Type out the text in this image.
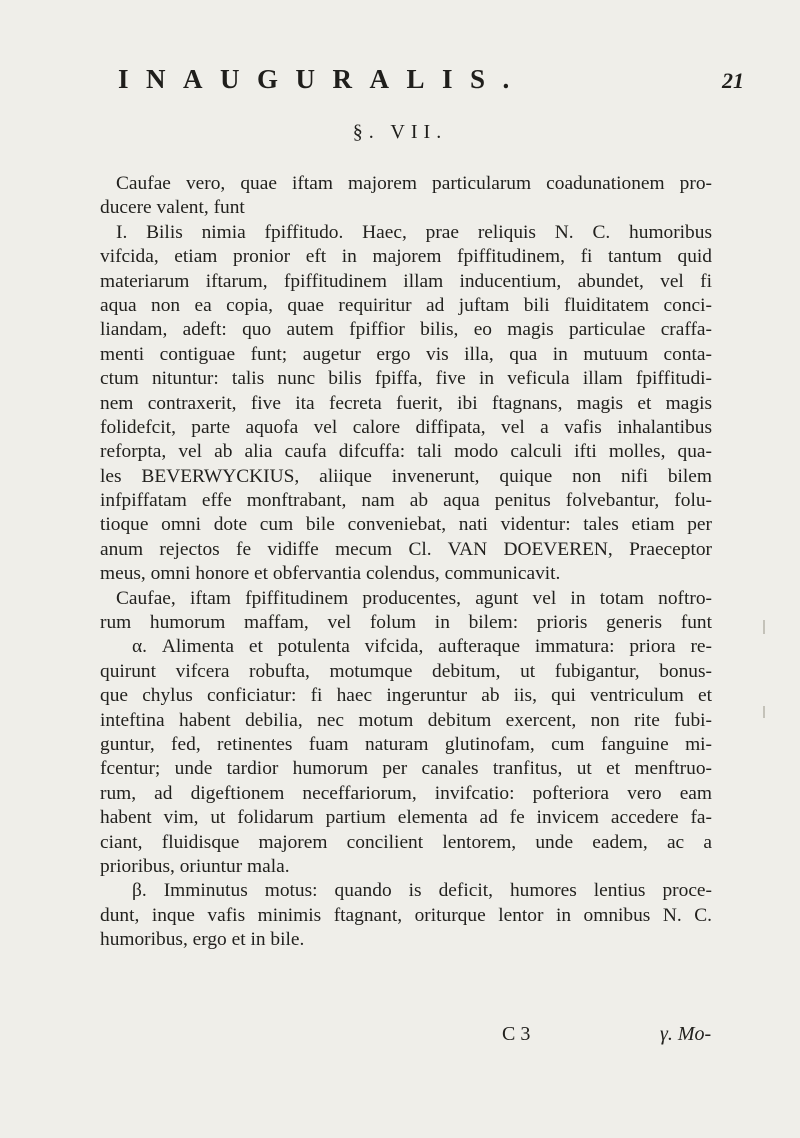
INAUGURALIS.	21
§. VII.
Caufae vero, quae iftam majorem particularum coadunationem pro-
ducere valent, funt
I. Bilis nimia fpiffitudo. Haec, prae reliquis N. C. humoribus
vifcida, etiam pronior eft in majorem fpiffitudinem, fi tantum quid
materiarum iftarum, fpiffitudinem illam inducentium, abundet, vel fi
aqua non ea copia, quae requiritur ad juftam bili fluiditatem conci-
liandam, adeft: quo autem fpiffior bilis, eo magis particulae craffa-
menti contiguae funt; augetur ergo vis illa, qua in mutuum conta-
ctum nituntur: talis nunc bilis fpiffa, five in veficula illam fpiffitudi-
nem contraxerit, five ita fecreta fuerit, ibi ftagnans, magis et magis
folidefcit, parte aquofa vel calore diffipata, vel a vafis inhalantibus
reforpta, vel ab alia caufa difcuffa: tali modo calculi ifti molles, qua-
les BEVERWYCKIUS, aliique invenerunt, quique non nifi bilem
infpiffatam effe monftrabant, nam ab aqua penitus folvebantur, folu-
tioque omni dote cum bile conveniebat, nati videntur: tales etiam per
anum rejectos fe vidiffe mecum Cl. VAN DOEVEREN, Praeceptor
meus, omni honore et obfervantia colendus, communicavit.
Caufae, iftam fpiffitudinem producentes, agunt vel in totam noftro-
rum humorum maffam, vel folum in bilem: prioris generis funt
α. Alimenta et potulenta vifcida, aufteraque immatura: priora re-
quirunt vifcera robufta, motumque debitum, ut fubigantur, bonus-
que chylus conficiatur: fi haec ingeruntur ab iis, qui ventriculum et
inteftina habent debilia, nec motum debitum exercent, non rite fubi-
guntur, fed, retinentes fuam naturam glutinofam, cum fanguine mi-
fcentur; unde tardior humorum per canales tranfitus, ut et menftruo-
rum, ad digeftionem neceffariorum, invifcatio: pofteriora vero eam
habent vim, ut folidarum partium elementa ad fe invicem accedere fa-
ciant, fluidisque majorem concilient lentorem, unde eadem, ac a
prioribus, oriuntur mala.
β. Imminutus motus: quando is deficit, humores lentius proce-
dunt, inque vafis minimis ftagnant, oriturque lentor in omnibus N. C.
humoribus, ergo et in bile.
C 3	γ. Mo-
